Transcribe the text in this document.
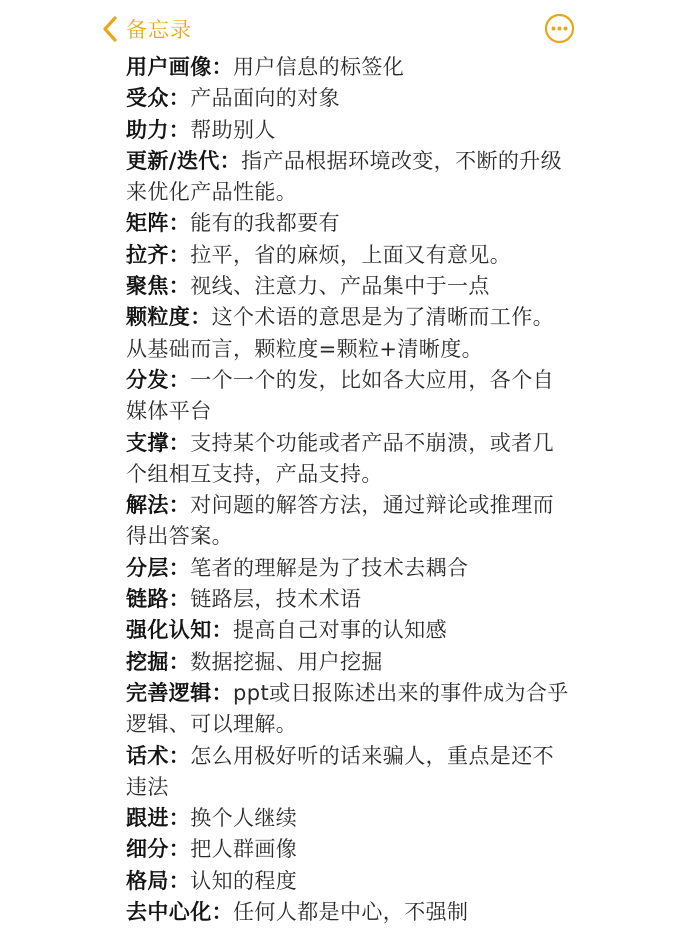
备忘录

用户画像：用户信息的标签化

受众：产品面向的对象

助力：帮助别人

更新/迭代：指产品根据环境改变，不断的升级来优化产品性能。

矩阵：能有的我都要有

拉齐：拉平，省的麻烦，上面又有意见。

聚焦：视线、注意力、产品集中于一点

颗粒度：这个术语的意思是为了清晰而工作。从基础而言，颗粒度=颗粒+清晰度。

分发：一个一个的发，比如各大应用，各个自媒体平台

支撑：支持某个功能或者产品不崩溃，或者几个组相互支持，产品支持。

解法：对问题的解答方法，通过辩论或推理而得出答案。

分层：笔者的理解是为了技术去耦合

链路：链路层，技术术语

强化认知：提高自己对事的认知感

挖掘：数据挖掘、用户挖掘

完善逻辑：ppt或日报陈述出来的事件成为合乎逻辑、可以理解。

话术：怎么用极好听的话来骗人，重点是还不违法

跟进：换个人继续

细分：把人群画像

格局：认知的程度

去中心化：任何人都是中心，不强制
